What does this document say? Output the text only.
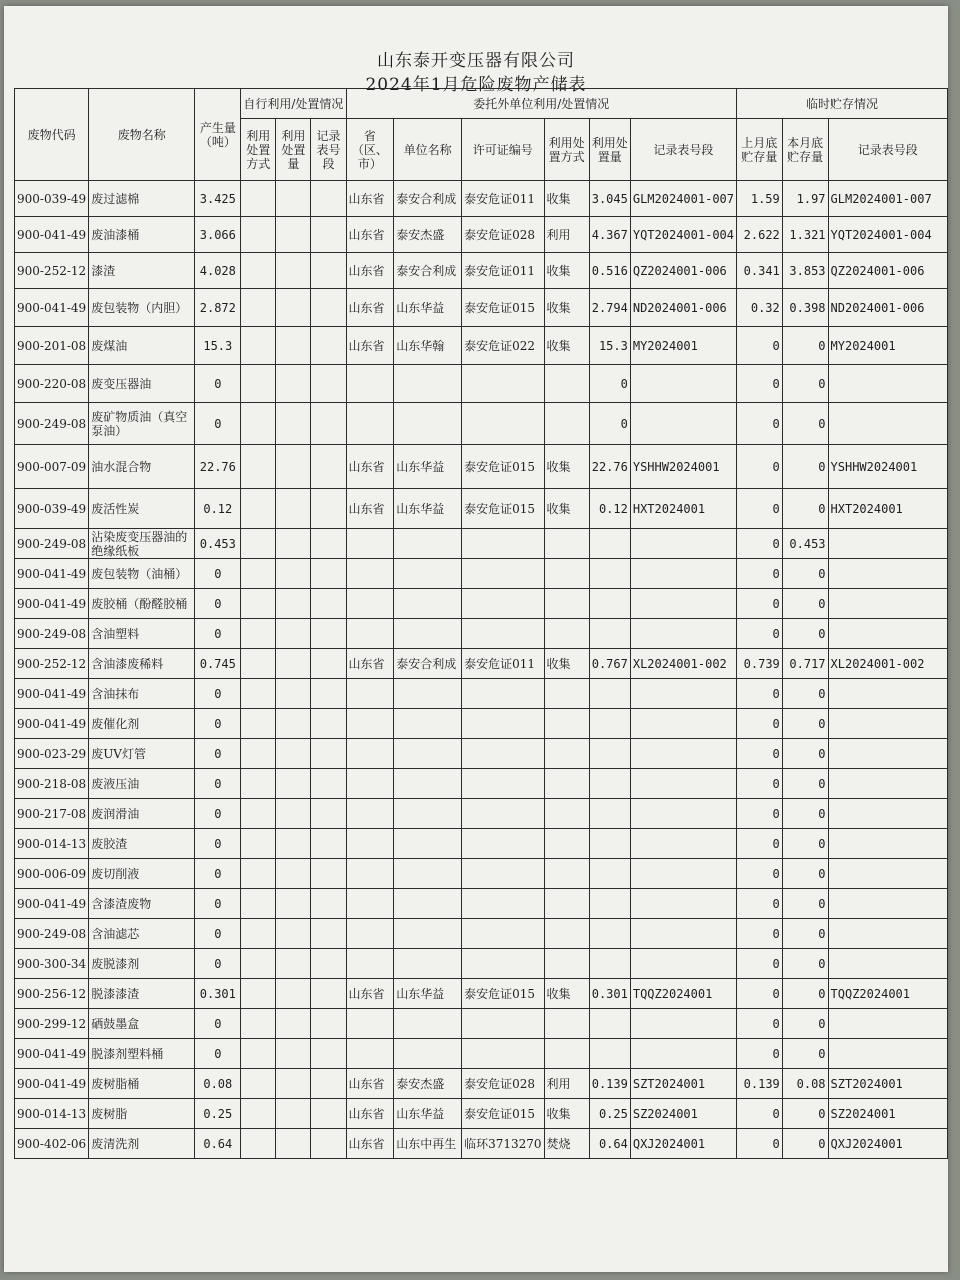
山东泰开变压器有限公司
2024年1月危险废物产储表
废物代码	废物名称	产生量（吨）	自行利用/处置情况			委托外单位利用/处置情况						临时贮存情况		
			利用处置方式	利用处置量	记录表号段	省（区、市）	单位名称	许可证编号	利用处置方式	利用处置量	记录表号段	上月底贮存量	本月底贮存量	记录表号段
900-039-49	废过滤棉	3.425				山东省	泰安合利成	泰安危证011	收集	3.045	GLM2024001-007	1.59	1.97	GLM2024001-007
900-041-49	废油漆桶	3.066				山东省	泰安杰盛	泰安危证028	利用	4.367	YQT2024001-004	2.622	1.321	YQT2024001-004
900-252-12	漆渣	4.028				山东省	泰安合利成	泰安危证011	收集	0.516	QZ2024001-006	0.341	3.853	QZ2024001-006
900-041-49	废包装物（内胆）	2.872				山东省	山东华益	泰安危证015	收集	2.794	ND2024001-006	0.32	0.398	ND2024001-006
900-201-08	废煤油	15.3				山东省	山东华翰	泰安危证022	收集	15.3	MY2024001	0	0	MY2024001
900-220-08	废变压器油	0								0		0	0	
900-249-08	废矿物质油（真空泵油）	0								0		0	0	
900-007-09	油水混合物	22.76				山东省	山东华益	泰安危证015	收集	22.76	YSHHW2024001	0	0	YSHHW2024001
900-039-49	废活性炭	0.12				山东省	山东华益	泰安危证015	收集	0.12	HXT2024001	0	0	HXT2024001
900-249-08	沾染废变压器油的绝缘纸板	0.453										0	0.453	
900-041-49	废包装物（油桶）	0										0	0	
900-041-49	废胶桶（酚醛胶桶	0										0	0	
900-249-08	含油塑料	0										0	0	
900-252-12	含油漆废稀料	0.745				山东省	泰安合利成	泰安危证011	收集	0.767	XL2024001-002	0.739	0.717	XL2024001-002
900-041-49	含油抹布	0										0	0	
900-041-49	废催化剂	0										0	0	
900-023-29	废UV灯管	0										0	0	
900-218-08	废液压油	0										0	0	
900-217-08	废润滑油	0										0	0	
900-014-13	废胶渣	0										0	0	
900-006-09	废切削液	0										0	0	
900-041-49	含漆渣废物	0										0	0	
900-249-08	含油滤芯	0										0	0	
900-300-34	废脱漆剂	0										0	0	
900-256-12	脱漆漆渣	0.301				山东省	山东华益	泰安危证015	收集	0.301	TQQZ2024001	0	0	TQQZ2024001
900-299-12	硒鼓墨盒	0										0	0	
900-041-49	脱漆剂塑料桶	0										0	0	
900-041-49	废树脂桶	0.08				山东省	泰安杰盛	泰安危证028	利用	0.139	SZT2024001	0.139	0.08	SZT2024001
900-014-13	废树脂	0.25				山东省	山东华益	泰安危证015	收集	0.25	SZ2024001	0	0	SZ2024001
900-402-06	废清洗剂	0.64				山东省	山东中再生	临环3713270	焚烧	0.64	QXJ2024001	0	0	QXJ2024001
